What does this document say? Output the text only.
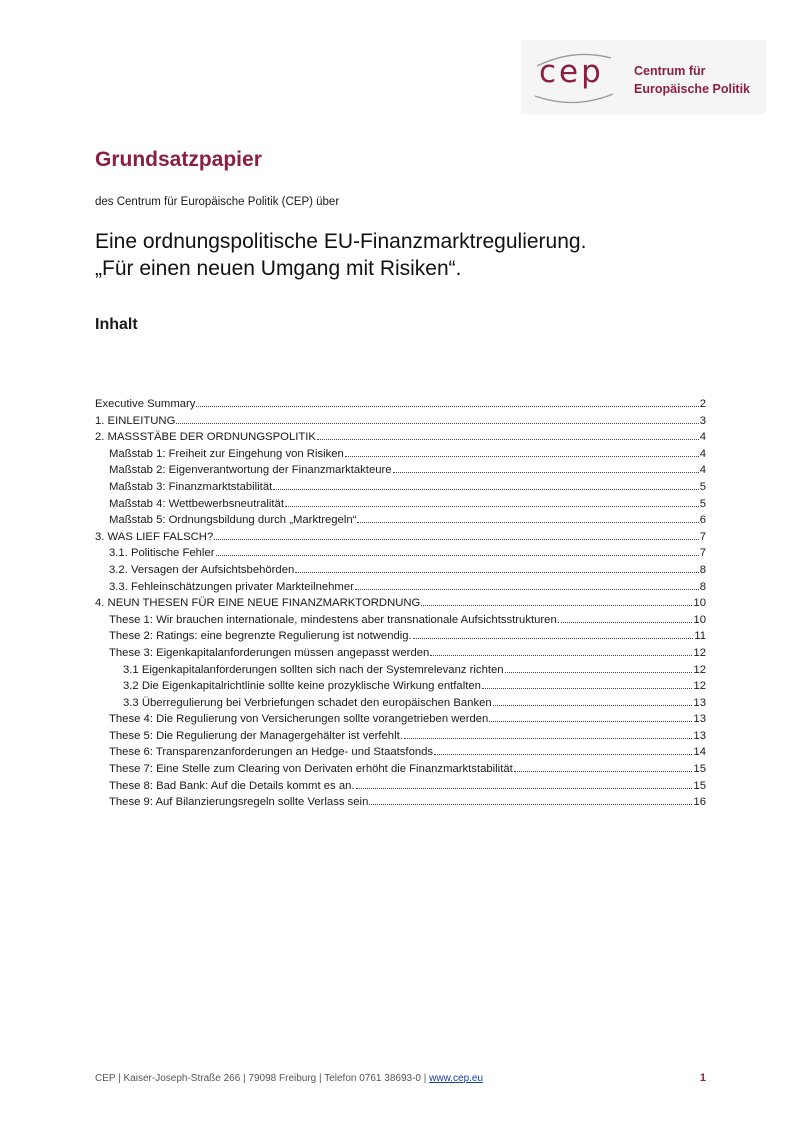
cep Centrum für
Europäische Politik
Grundsatzpapier
des Centrum für Europäische Politik (CEP) über
Eine ordnungspolitische EU-Finanzmarktregulierung.
„Für einen neuen Umgang mit Risiken“.
Inhalt
Executive Summary	2
1. EINLEITUNG	3
2. MASSSTÄBE DER ORDNUNGSPOLITIK	4
Maßstab 1: Freiheit zur Eingehung von Risiken	4
Maßstab 2: Eigenverantwortung der Finanzmarktakteure	4
Maßstab 3: Finanzmarktstabilität	5
Maßstab 4: Wettbewerbsneutralität	5
Maßstab 5: Ordnungsbildung durch „Marktregeln“	6
3. WAS LIEF FALSCH?	7
3.1. Politische Fehler	7
3.2. Versagen der Aufsichtsbehörden	8
3.3. Fehleinschätzungen privater Markteilnehmer	8
4. NEUN THESEN FÜR EINE NEUE FINANZMARKTORDNUNG	10
These 1: Wir brauchen internationale, mindestens aber transnationale Aufsichtsstrukturen.	10
These 2: Ratings: eine begrenzte Regulierung ist notwendig.	11
These 3: Eigenkapitalanforderungen müssen angepasst werden	12
3.1 Eigenkapitalanforderungen sollten sich nach der Systemrelevanz richten	12
3.2 Die Eigenkapitalrichtlinie sollte keine prozyklische Wirkung entfalten	12
3.3 Überregulierung bei Verbriefungen schadet den europäischen Banken	13
These 4: Die Regulierung von Versicherungen sollte vorangetrieben werden	13
These 5: Die Regulierung der Managergehälter ist verfehlt.	13
These 6: Transparenzanforderungen an Hedge- und Staatsfonds	14
These 7: Eine Stelle zum Clearing von Derivaten erhöht die Finanzmarktstabilität	15
These 8: Bad Bank: Auf die Details kommt es an.	15
These 9: Auf Bilanzierungsregeln sollte Verlass sein	16
CEP | Kaiser-Joseph-Straße 266 | 79098 Freiburg | Telefon 0761 38693-0 | www.cep.eu	1
